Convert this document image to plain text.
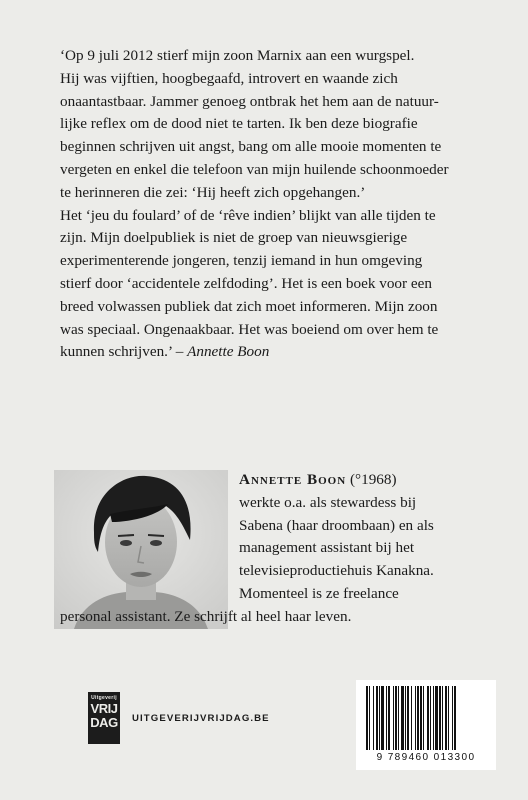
‘Op 9 juli 2012 stierf mijn zoon Marnix aan een wurgspel.

Hij was vijftien, hoogbegaafd, introvert en waande zich

onaantastbaar. Jammer genoeg ontbrak het hem aan de natuur-

lijke reflex om de dood niet te tarten. Ik ben deze biografie

beginnen schrijven uit angst, bang om alle mooie momenten te

vergeten en enkel die telefoon van mijn huilende schoonmoeder

te herinneren die zei: ‘Hij heeft zich opgehangen.’

Het ‘jeu du foulard’ of de ‘rêve indien’ blijkt van alle tijden te

zijn. Mijn doelpubliek is niet de groep van nieuwsgierige

experimenterende jongeren, tenzij iemand in hun omgeving

stierf door ‘accidentele zelfdoding’. Het is een boek voor een

breed volwassen publiek dat zich moet informeren. Mijn zoon

was speciaal. Ongenaakbaar. Het was boeiend om over hem te

kunnen schrijven.’ – Annette Boon

Annette Boon (°1968)
werkte o.a. als stewardess bij
Sabena (haar droombaan) en als
management assistant bij het
televisieproductiehuis Kanakna.
Momenteel is ze freelance
personal assistant. Ze schrijft al heel haar leven.
Uitgeverij
VRIJ
DAG UITGEVERIJVRIJDAG.BE
9 789460 013300
